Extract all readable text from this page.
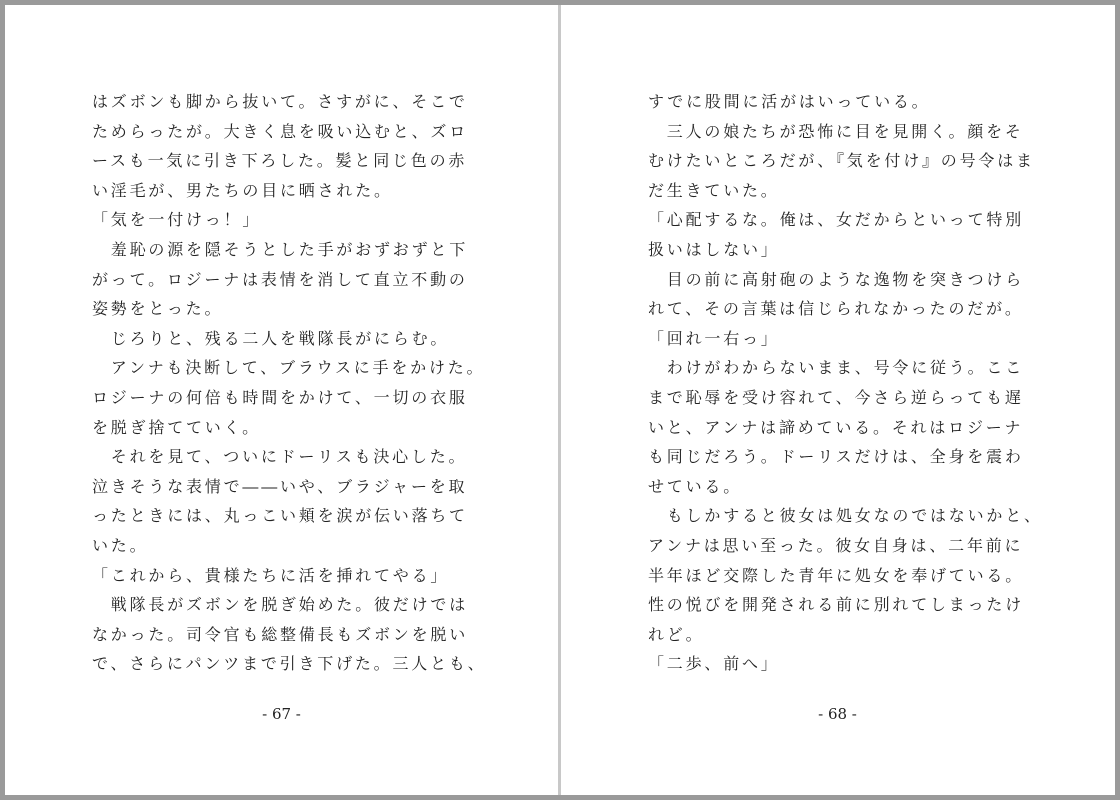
はズボンも脚から抜いて。さすがに、そこで
ためらったが。大きく息を吸い込むと、ズロ
ースも一気に引き下ろした。髪と同じ色の赤
い淫毛が、男たちの目に晒された。
「気を一付けっ！」
　羞恥の源を隠そうとした手がおずおずと下
がって。ロジーナは表情を消して直立不動の
姿勢をとった。
　じろりと、残る二人を戦隊長がにらむ。
　アンナも決断して、ブラウスに手をかけた。
ロジーナの何倍も時間をかけて、一切の衣服
を脱ぎ捨てていく。
　それを見て、ついにドーリスも決心した。
泣きそうな表情で――いや、ブラジャーを取
ったときには、丸っこい頬を涙が伝い落ちて
いた。
「これから、貴様たちに活を挿れてやる」
　戦隊長がズボンを脱ぎ始めた。彼だけでは
なかった。司令官も総整備長もズボンを脱い
で、さらにパンツまで引き下げた。三人とも、
- 67 -
すでに股間に活がはいっている。
　三人の娘たちが恐怖に目を見開く。顔をそ
むけたいところだが、『気を付け』の号令はま
だ生きていた。
「心配するな。俺は、女だからといって特別
扱いはしない」
　目の前に高射砲のような逸物を突きつけら
れて、その言葉は信じられなかったのだが。
「回れ一右っ」
　わけがわからないまま、号令に従う。ここ
まで恥辱を受け容れて、今さら逆らっても遅
いと、アンナは諦めている。それはロジーナ
も同じだろう。ドーリスだけは、全身を震わ
せている。
　もしかすると彼女は処女なのではないかと、
アンナは思い至った。彼女自身は、二年前に
半年ほど交際した青年に処女を奉げている。
性の悦びを開発される前に別れてしまったけ
れど。
「二歩、前へ」
- 68 -
